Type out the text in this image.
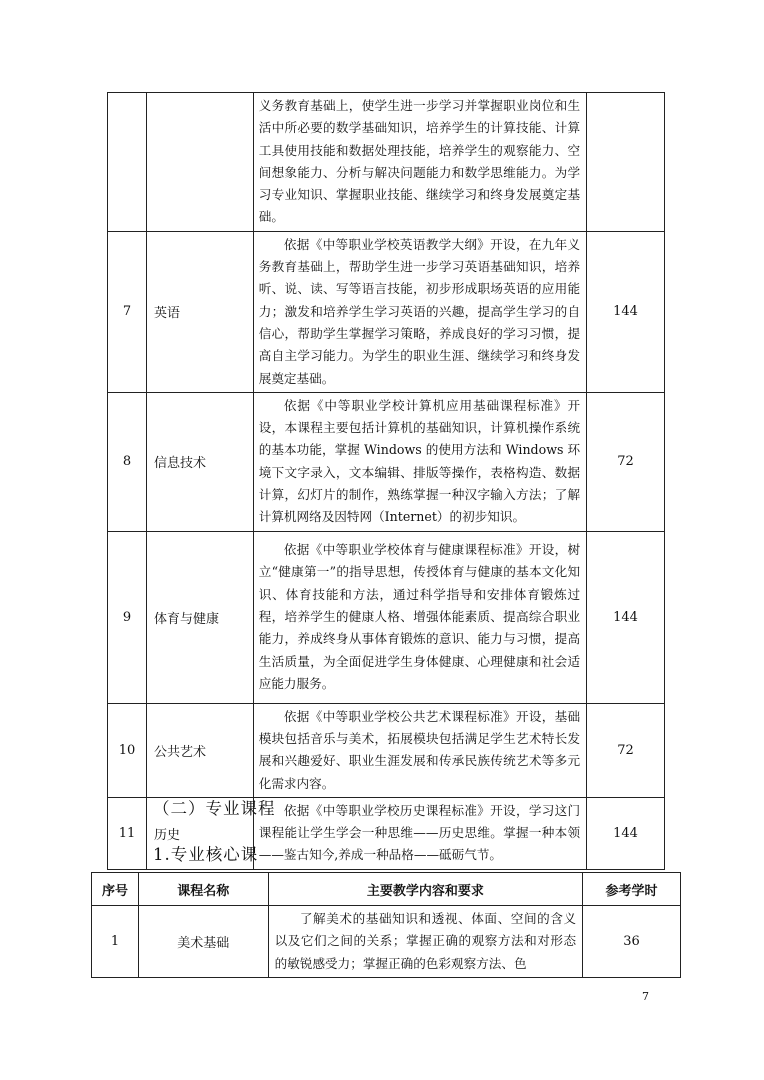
		义务教育基础上，使学生进一步学习并掌握职业岗位和生活中所必要的数学基础知识，培养学生的计算技能、计算工具使用技能和数据处理技能，培养学生的观察能力、空间想象能力、分析与解决问题能力和数学思维能力。为学习专业知识、掌握职业技能、继续学习和终身发展奠定基础。	

7	英语	依据《中等职业学校英语教学大纲》开设，在九年义务教育基础上，帮助学生进一步学习英语基础知识，培养听、说、读、写等语言技能，初步形成职场英语的应用能力；激发和培养学生学习英语的兴趣，提高学生学习的自信心，帮助学生掌握学习策略，养成良好的学习习惯，提高自主学习能力。为学生的职业生涯、继续学习和终身发展奠定基础。	144
8	信息技术	依据《中等职业学校计算机应用基础课程标准》开设，本课程主要包括计算机的基础知识，计算机操作系统的基本功能，掌握 Windows 的使用方法和 Windows 环境下文字录入，文本编辑、排版等操作，表格构造、数据计算，幻灯片的制作，熟练掌握一种汉字输入方法；了解计算机网络及因特网（Internet）的初步知识。	72
9	体育与健康	依据《中等职业学校体育与健康课程标准》开设，树立“健康第一”的指导思想，传授体育与健康的基本文化知识、体育技能和方法，通过科学指导和安排体育锻炼过程，培养学生的健康人格、增强体能素质、提高综合职业能力，养成终身从事体育锻炼的意识、能力与习惯，提高生活质量，为全面促进学生身体健康、心理健康和社会适应能力服务。	144
10	公共艺术	依据《中等职业学校公共艺术课程标准》开设，基础模块包括音乐与美术，拓展模块包括满足学生艺术特长发展和兴趣爱好、职业生涯发展和传承民族传统艺术等多元化需求内容。	72
11	历史	依据《中等职业学校历史课程标准》开设，学习这门课程能让学生学会一种思维——历史思维。掌握一种本领——鉴古知今,养成一种品格——砥砺气节。	144
（二）专业课程
1.专业核心课
序号	课程名称	主要教学内容和要求	参考学时
1	美术基础	了解美术的基础知识和透视、体面、空间的含义以及它们之间的关系；掌握正确的观察方法和对形态的敏锐感受力；掌握正确的色彩观察方法、色	36
7
